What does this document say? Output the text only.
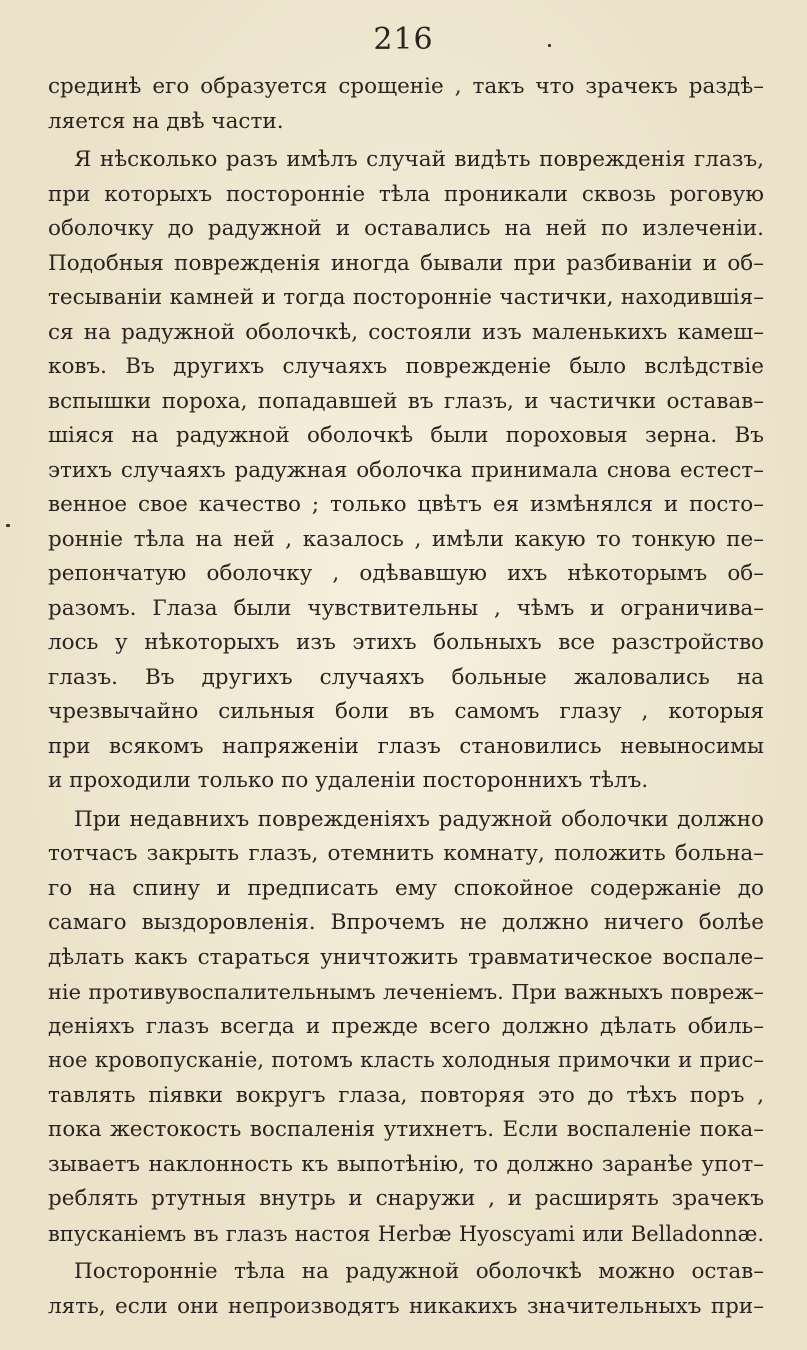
216
срединѣ его образуется срощеніе , такъ что зрачекъ раздѣ–
ляется на двѣ части.
Я нѣсколько разъ имѣлъ случай видѣть поврежденія глазъ,
при которыхъ посторонніе тѣла проникали сквозь роговую
оболочку до радужной и оставались на ней по излеченіи.
Подобныя поврежденія иногда бывали при разбиваніи и об–
тесываніи камней и тогда посторонніе частички, находившія–
ся на радужной оболочкѣ, состояли изъ маленькихъ камеш–
ковъ. Въ другихъ случаяхъ поврежденіе было вслѣдствіе
вспышки пороха, попадавшей въ глазъ, и частички оставав–
шіяся на радужной оболочкѣ были пороховыя зерна. Въ
этихъ случаяхъ радужная оболочка принимала снова естест–
венное свое качество ; только цвѣтъ ея измѣнялся и посто–
ронніе тѣла на ней , казалось , имѣли какую то тонкую пе–
репончатую оболочку , одѣвавшую ихъ нѣкоторымъ об–
разомъ. Глаза были чувствительны , чѣмъ и ограничива–
лось у нѣкоторыхъ изъ этихъ больныхъ все разстройство
глазъ. Въ другихъ случаяхъ больные жаловались на
чрезвычайно сильныя боли въ самомъ глазу , которыя
при всякомъ напряженіи глазъ становились невыносимы
и проходили только по удаленіи постороннихъ тѣлъ.
При недавнихъ поврежденіяхъ радужной оболочки должно
тотчасъ закрыть глазъ, отемнить комнату, положить больна–
го на спину и предписать ему спокойное содержаніе до
самаго выздоровленія. Впрочемъ не должно ничего болѣе
дѣлать какъ стараться уничтожить травматическое воспале–
ніе противувоспалительнымъ леченіемъ. При важныхъ повреж–
деніяхъ глазъ всегда и прежде всего должно дѣлать обиль–
ное кровопусканіе, потомъ класть холодныя примочки и прис–
тавлять піявки вокругъ глаза, повторяя это до тѣхъ поръ ,
пока жестокость воспаленія утихнетъ. Если воспаленіе пока–
зываетъ наклонность къ выпотѣнію, то должно заранѣе упот–
реблять ртутныя внутрь и снаружи , и расширять зрачекъ
впусканіемъ въ глазъ настоя Herbæ Hyoscyami или Belladonnæ.
Посторонніе тѣла на радужной оболочкѣ можно остав–
лять, если они непроизводятъ никакихъ значительныхъ при–
